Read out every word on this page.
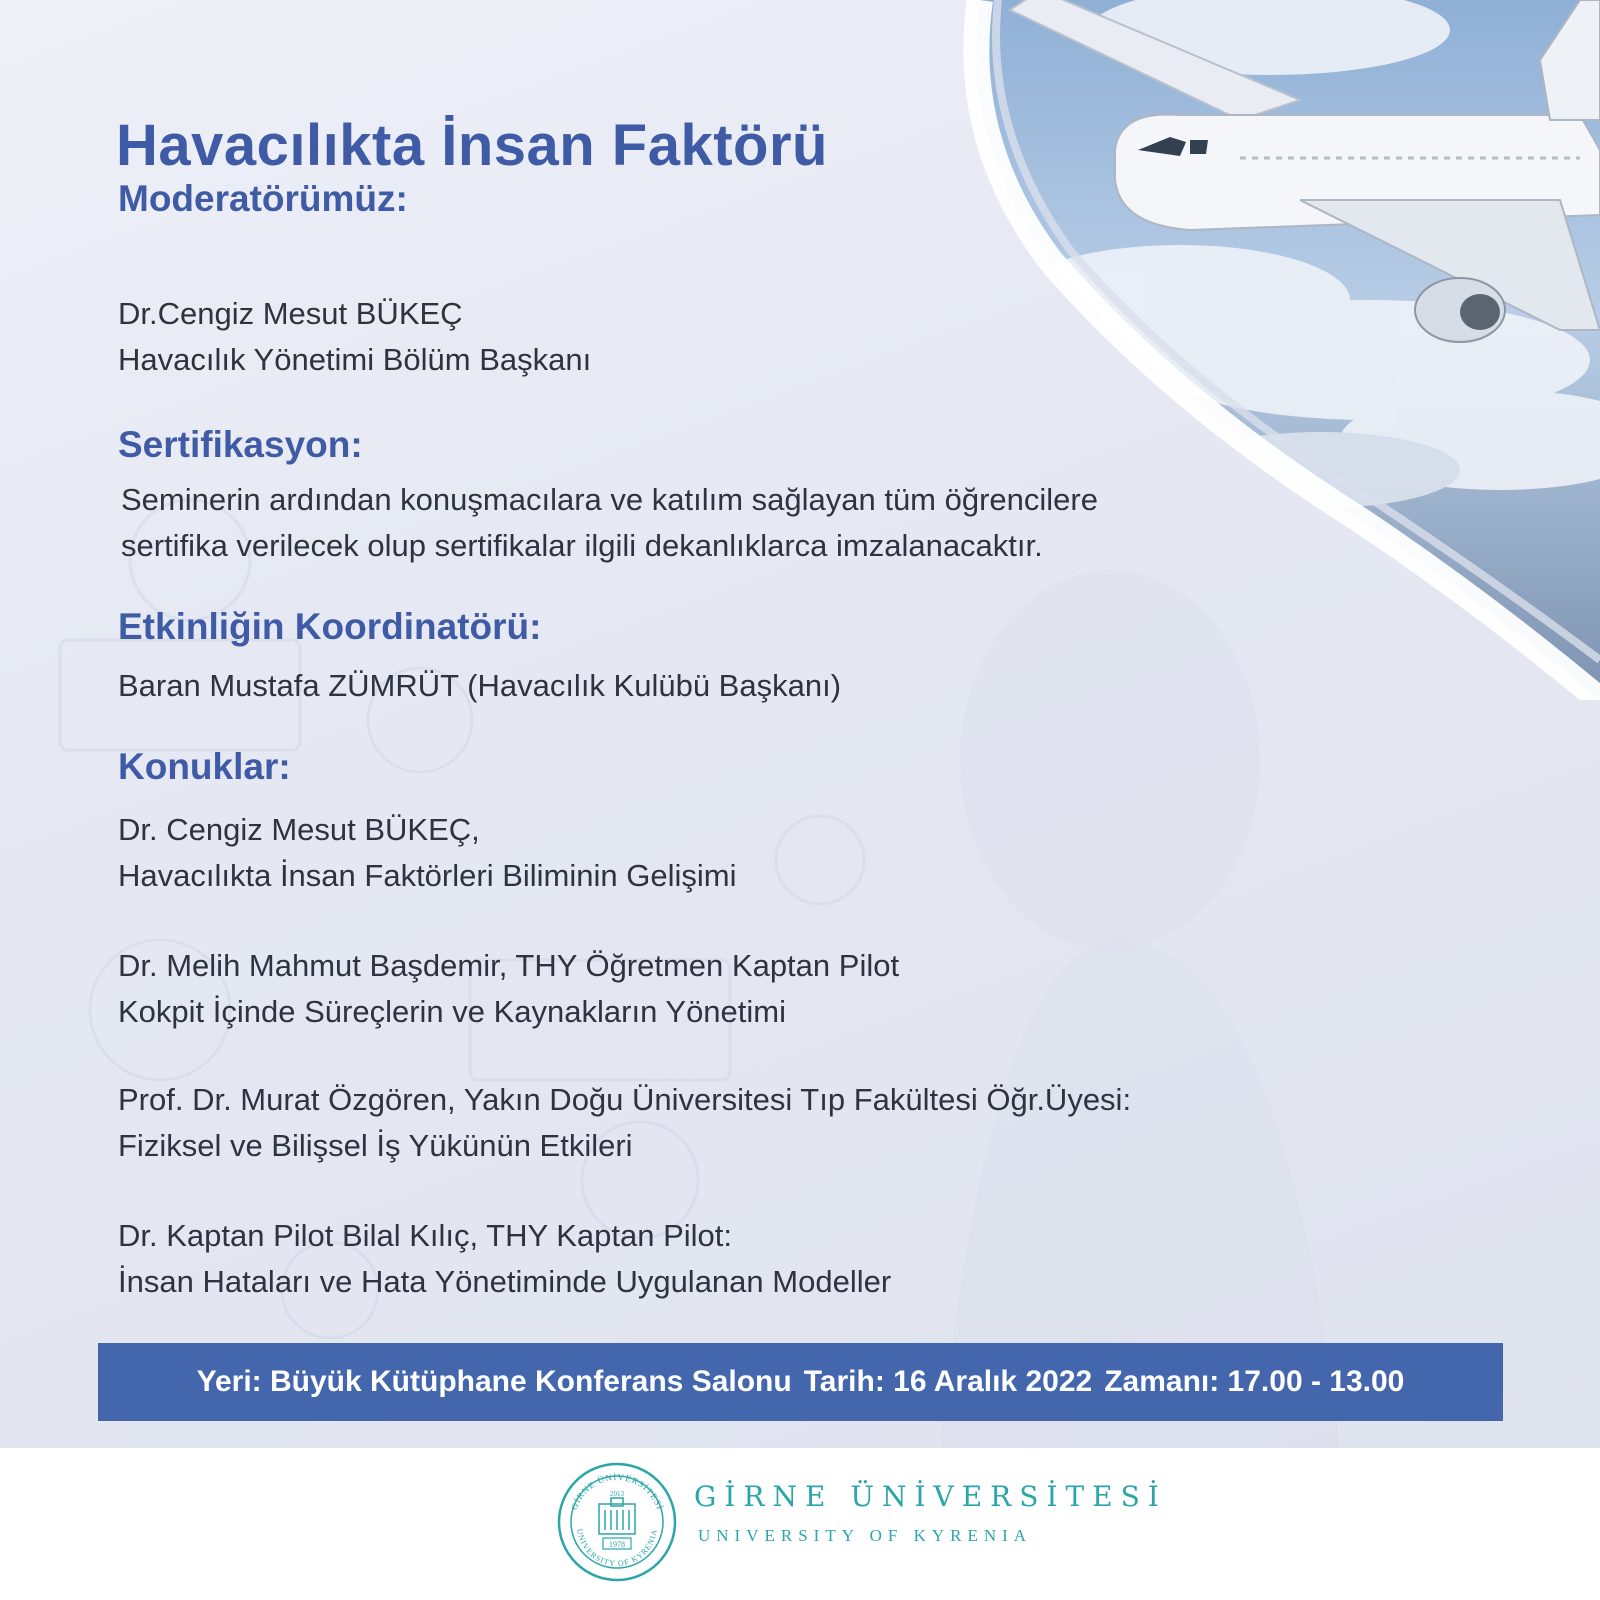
Havacılıkta İnsan Faktörü
Moderatörümüz:
Dr.Cengiz Mesut BÜKEÇ
Havacılık Yönetimi Bölüm Başkanı
Sertifikasyon:
Seminerin ardından konuşmacılara ve katılım sağlayan tüm öğrencilere
sertifika verilecek olup sertifikalar ilgili dekanlıklarca imzalanacaktır.
Etkinliğin Koordinatörü:
Baran Mustafa ZÜMRÜT (Havacılık Kulübü Başkanı)
Konuklar:
Dr. Cengiz Mesut BÜKEÇ,
Havacılıkta İnsan Faktörleri Biliminin Gelişimi
Dr. Melih Mahmut Başdemir, THY Öğretmen Kaptan Pilot
Kokpit İçinde Süreçlerin ve Kaynakların Yönetimi
Prof. Dr. Murat Özgören, Yakın Doğu Üniversitesi Tıp Fakültesi Öğr.Üyesi:
Fiziksel ve Bilişsel İş Yükünün Etkileri
Dr. Kaptan Pilot Bilal Kılıç, THY Kaptan Pilot:
İnsan Hataları ve Hata Yönetiminde Uygulanan Modeller
Yeri: Büyük Kütüphane Konferans Salonu Tarih: 16 Aralık 2022 Zamanı: 17.00 - 13.00
GİRNE ÜNİVERSİTESİ
UNIVERSITY OF KYRENIA
2013
1978
GİRNE ÜNİVERSİTESİ
UNIVERSITY OF KYRENIA
